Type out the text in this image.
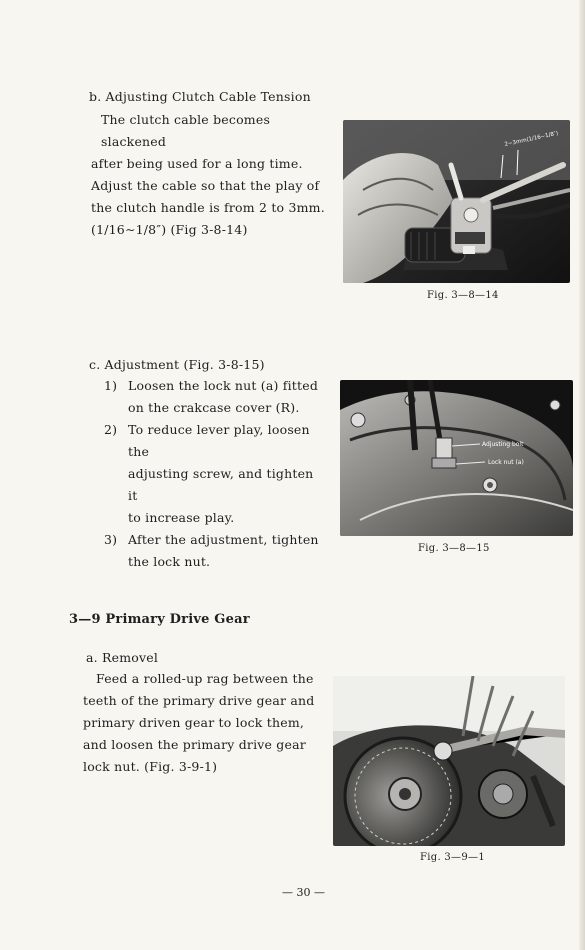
b. Adjusting Clutch Cable Tension

The clutch cable becomes slackened

after being used for a long time.

Adjust the cable so that the play of

the clutch handle is from 2 to 3mm.

(1/16∼1/8″) (Fig 3-8-14)

2∼3mm(1/16∼1/8″)
Fig. 3—8—14
c. Adjustment (Fig. 3-8-15)
1) Loosen the lock nut (a) fitted
on the crakcase cover (R).
2) To reduce lever play, loosen the
adjusting screw, and tighten it
to increase play.
3) After the adjustment, tighten
the lock nut.
Adjusting bolt
Lock nut (a)
Fig. 3—8—15
3—9 Primary Drive Gear
a. Removel

Feed a rolled-up rag between the

teeth of the primary drive gear and

primary driven gear to lock them,

and loosen the primary drive gear

lock nut. (Fig. 3-9-1)

Fig. 3—9—1
— 30 —
